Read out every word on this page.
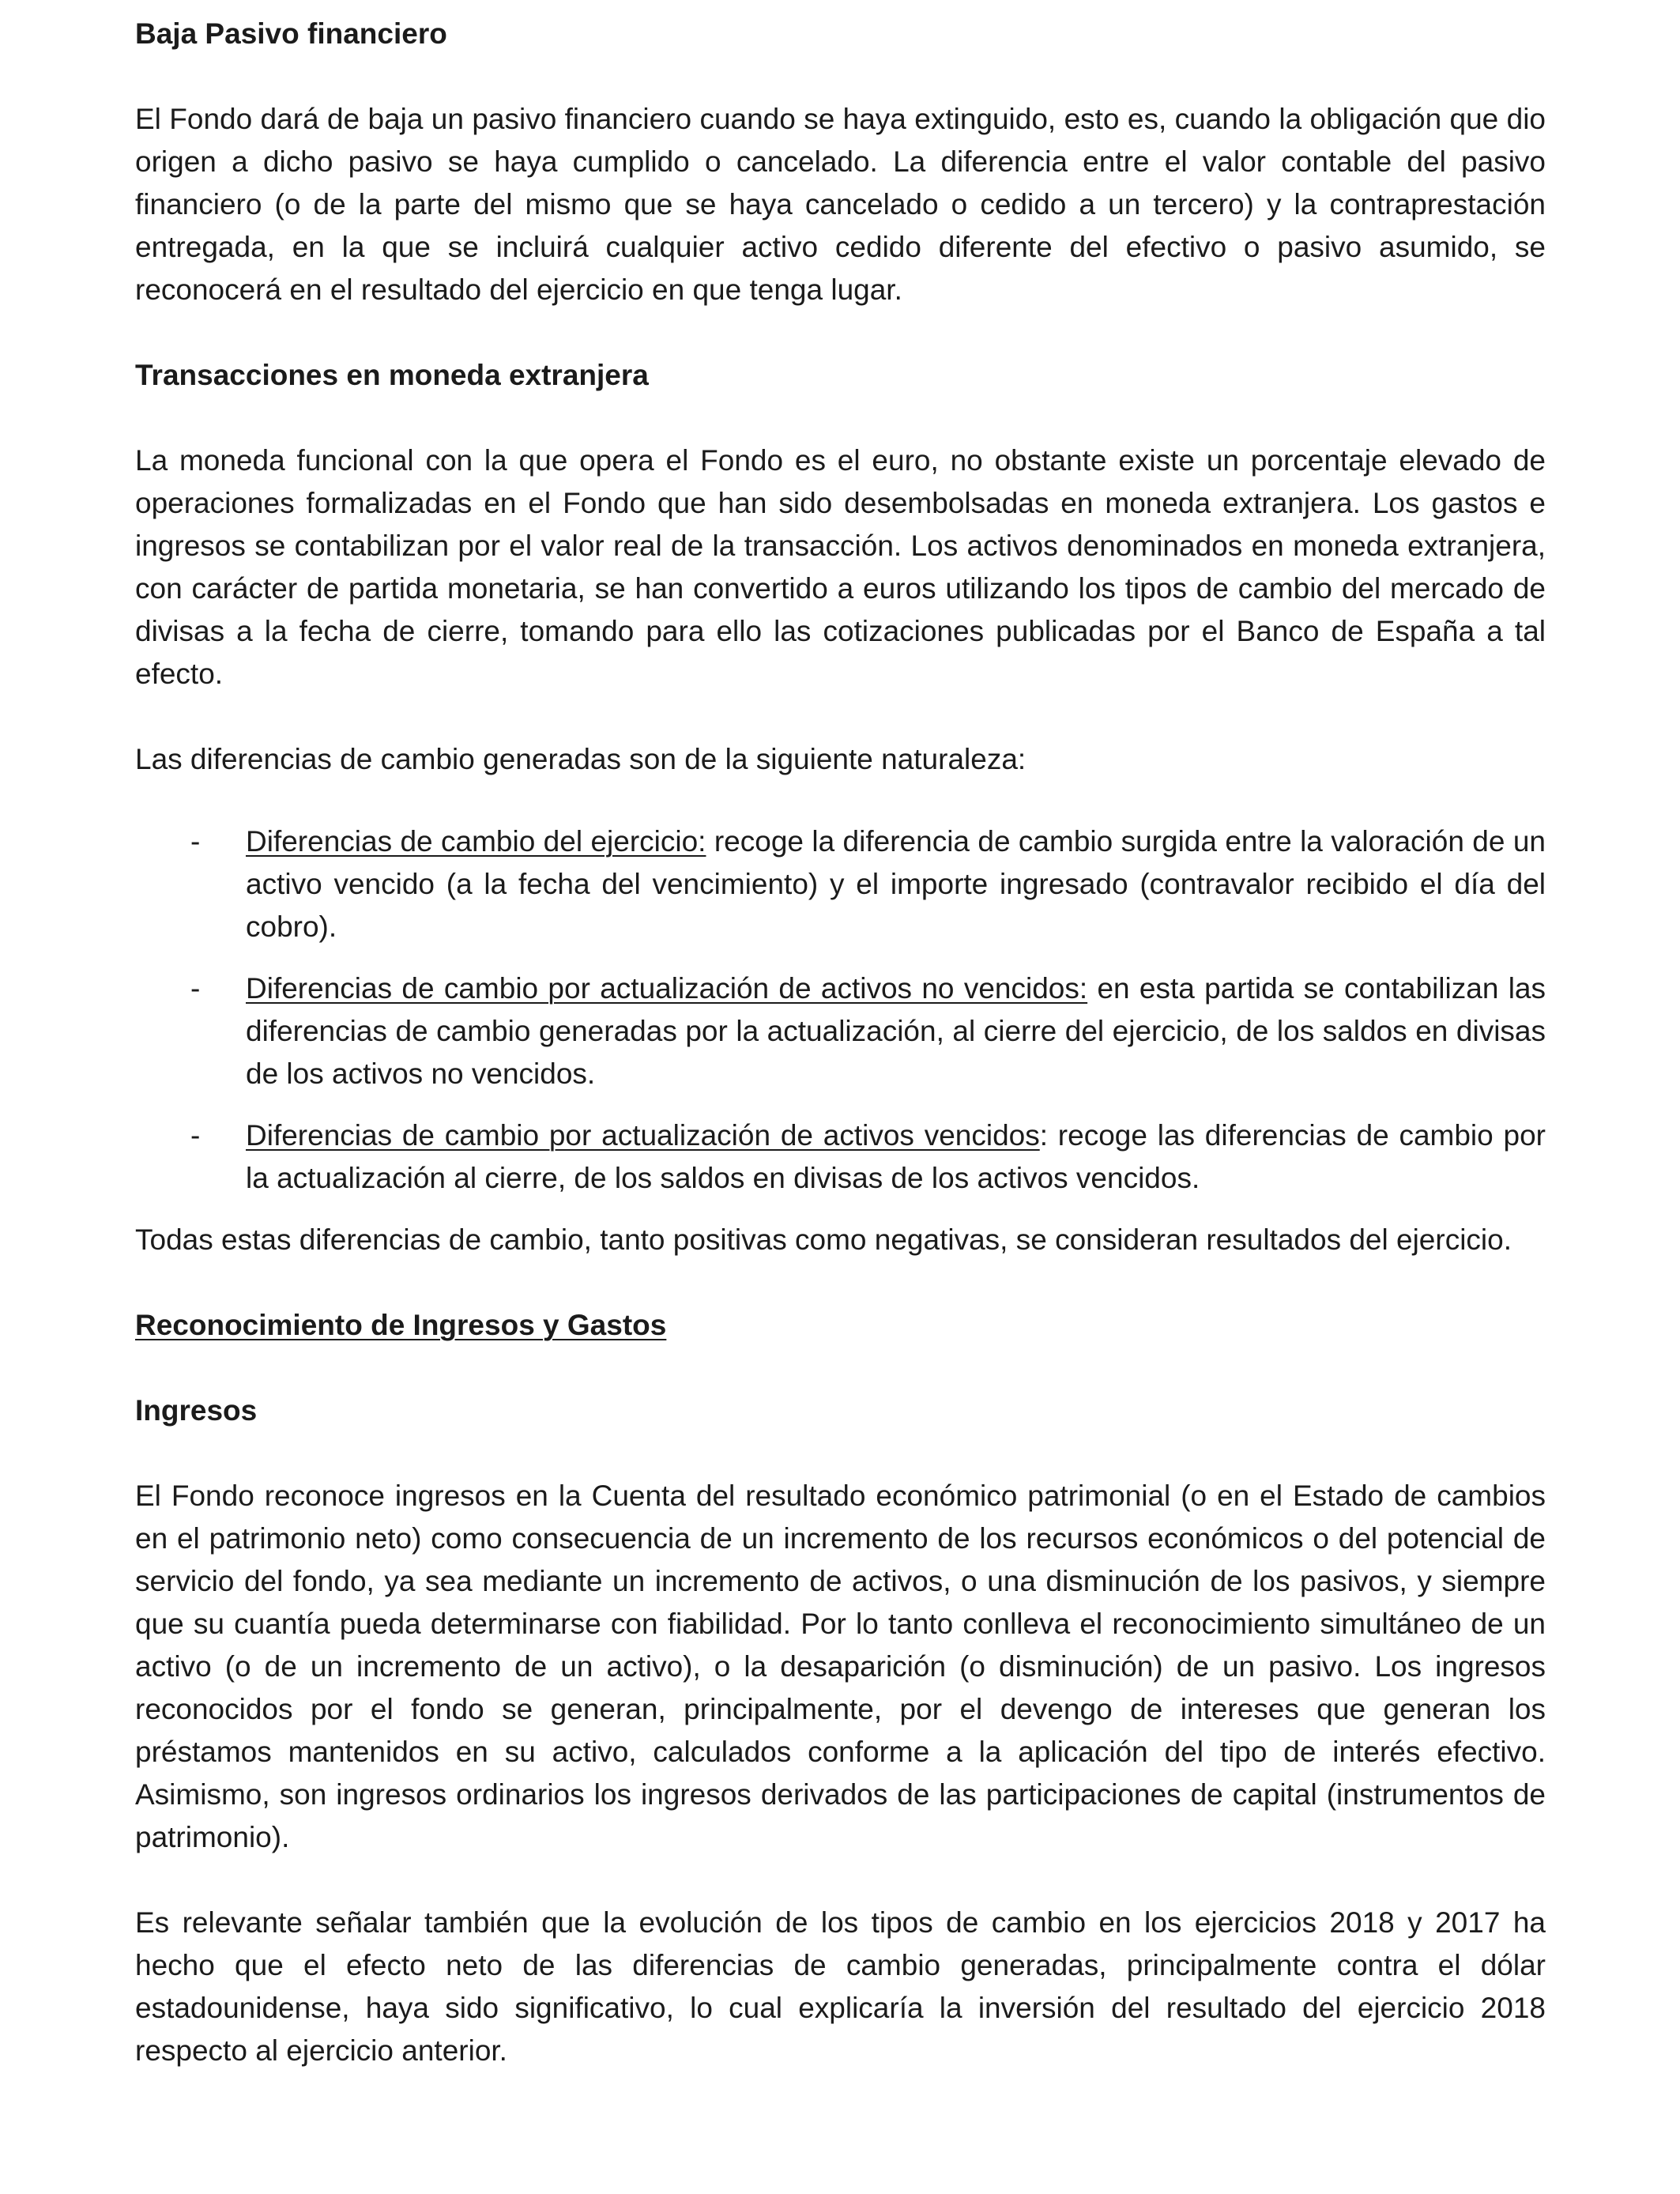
Baja Pasivo financiero

El Fondo dará de baja un pasivo financiero cuando se haya extinguido, esto es, cuando la obligación que dio origen a dicho pasivo se haya cumplido o cancelado. La diferencia entre el valor contable del pasivo financiero (o de la parte del mismo que se haya cancelado o cedido a un tercero) y la contraprestación entregada, en la que se incluirá cualquier activo cedido diferente del efectivo o pasivo asumido, se reconocerá en el resultado del ejercicio en que tenga lugar.

Transacciones en moneda extranjera

La moneda funcional con la que opera el Fondo es el euro, no obstante existe un porcentaje elevado de operaciones formalizadas en el Fondo que han sido desembolsadas en moneda extranjera. Los gastos e ingresos se contabilizan por el valor real de la transacción. Los activos denominados en moneda extranjera, con carácter de partida monetaria, se han convertido a euros utilizando los tipos de cambio del mercado de divisas a la fecha de cierre, tomando para ello las cotizaciones publicadas por el Banco de España a tal efecto.

Las diferencias de cambio generadas son de la siguiente naturaleza:

- Diferencias de cambio del ejercicio: recoge la diferencia de cambio surgida entre la valoración de un activo vencido (a la fecha del vencimiento) y el importe ingresado (contravalor recibido el día del cobro).
- Diferencias de cambio por actualización de activos no vencidos: en esta partida se contabilizan las diferencias de cambio generadas por la actualización, al cierre del ejercicio, de los saldos en divisas de los activos no vencidos.
- Diferencias de cambio por actualización de activos vencidos: recoge las diferencias de cambio por la actualización al cierre, de los saldos en divisas de los activos vencidos.

Todas estas diferencias de cambio, tanto positivas como negativas, se consideran resultados del ejercicio.

Reconocimiento de Ingresos y Gastos

Ingresos

El Fondo reconoce ingresos en la Cuenta del resultado económico patrimonial (o en el Estado de cambios en el patrimonio neto) como consecuencia de un incremento de los recursos económicos o del potencial de servicio del fondo, ya sea mediante un incremento de activos, o una disminución de los pasivos, y siempre que su cuantía pueda determinarse con fiabilidad. Por lo tanto conlleva el reconocimiento simultáneo de un activo (o de un incremento de un activo), o la desaparición (o disminución) de un pasivo. Los ingresos reconocidos por el fondo se generan, principalmente, por el devengo de intereses que generan los préstamos mantenidos en su activo, calculados conforme a la aplicación del tipo de interés efectivo. Asimismo, son ingresos ordinarios los ingresos derivados de las participaciones de capital (instrumentos de patrimonio).

Es relevante señalar también que la evolución de los tipos de cambio en los ejercicios 2018 y 2017 ha hecho que el efecto neto de las diferencias de cambio generadas, principalmente contra el dólar estadounidense, haya sido significativo, lo cual explicaría la inversión del resultado del ejercicio 2018 respecto al ejercicio anterior.
